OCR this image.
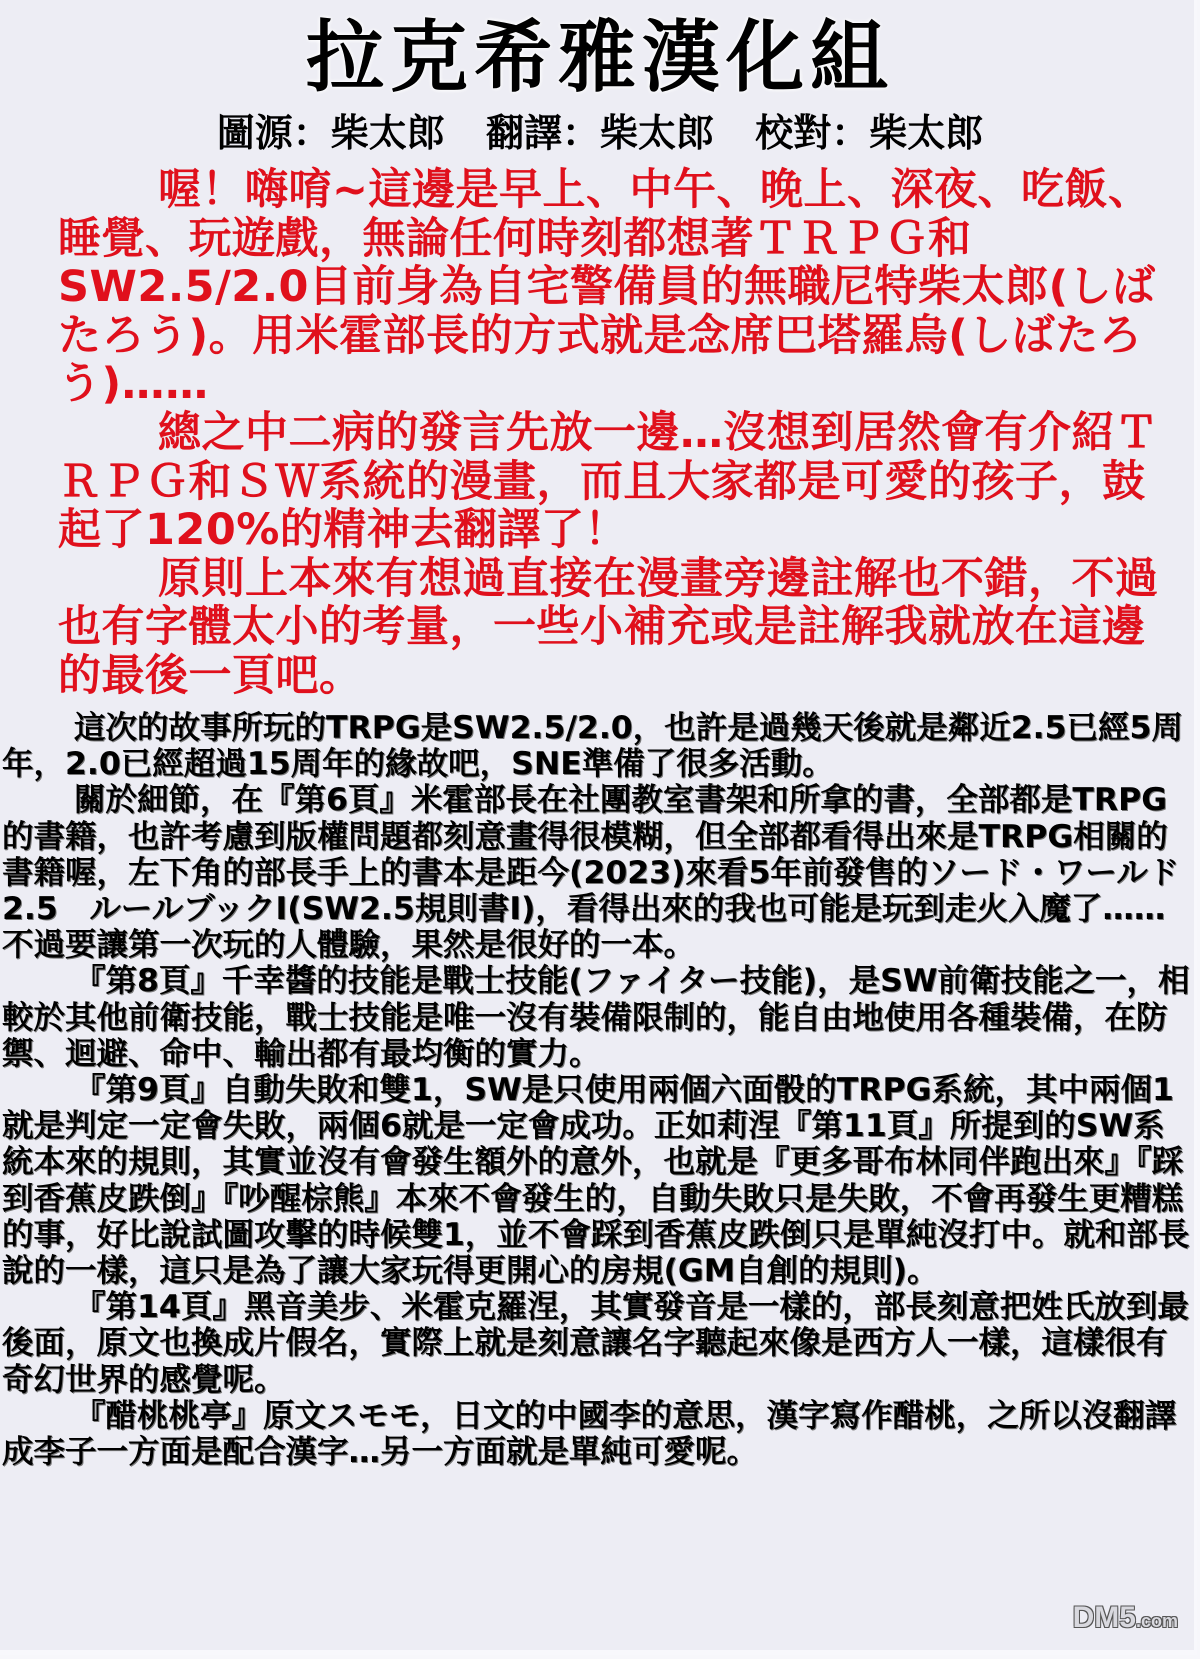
拉克希雅漢化組
圖源：柴太郎 翻譯：柴太郎 校對：柴太郎

喔！嗨唷~這邊是早上、中午、晚上、深夜、吃飯、睡覺、玩遊戲，無論任何時刻都想著ＴＲＰＧ和SW2.5/2.0目前身為自宅警備員的無職尼特柴太郎(しばたろう)。用米霍部長的方式就是念席巴塔羅烏(しばたろう)……

總之中二病的發言先放一邊…沒想到居然會有介紹ＴＲＰＧ和ＳＷ系統的漫畫，而且大家都是可愛的孩子，鼓起了120%的精神去翻譯了！

原則上本來有想過直接在漫畫旁邊註解也不錯，不過也有字體太小的考量，一些小補充或是註解我就放在這邊的最後一頁吧。

這次的故事所玩的TRPG是SW2.5/2.0，也許是過幾天後就是鄰近2.5已經5周年，2.0已經超過15周年的緣故吧，SNE準備了很多活動。

關於細節，在『第6頁』米霍部長在社團教室書架和所拿的書，全部都是TRPG的書籍，也許考慮到版權問題都刻意畫得很模糊，但全部都看得出來是TRPG相關的書籍喔，左下角的部長手上的書本是距今(2023)來看5年前發售的ソード・ワールド2.5　ルールブックⅠ(SW2.5規則書Ⅰ)，看得出來的我也可能是玩到走火入魔了……不過要讓第一次玩的人體驗，果然是很好的一本。

『第8頁』千幸醬的技能是戰士技能(ファイター技能)，是SW前衛技能之一，相較於其他前衛技能，戰士技能是唯一沒有裝備限制的，能自由地使用各種裝備，在防禦、迴避、命中、輸出都有最均衡的實力。

『第9頁』自動失敗和雙1，SW是只使用兩個六面骰的TRPG系統，其中兩個1就是判定一定會失敗，兩個6就是一定會成功。正如莉涅『第11頁』所提到的SW系統本來的規則，其實並沒有會發生額外的意外，也就是『更多哥布林同伴跑出來』『踩到香蕉皮跌倒』『吵醒棕熊』本來不會發生的，自動失敗只是失敗，不會再發生更糟糕的事，好比說試圖攻擊的時候雙1，並不會踩到香蕉皮跌倒只是單純沒打中。就和部長說的一樣，這只是為了讓大家玩得更開心的房規(GM自創的規則)。

『第14頁』黑音美步、米霍克羅涅，其實發音是一樣的，部長刻意把姓氏放到最後面，原文也換成片假名，實際上就是刻意讓名字聽起來像是西方人一樣，這樣很有奇幻世界的感覺呢。

『醋桃桃亭』原文スモモ，日文的中國李的意思，漢字寫作醋桃，之所以沒翻譯成李子一方面是配合漢字…另一方面就是單純可愛呢。

DM5.com
